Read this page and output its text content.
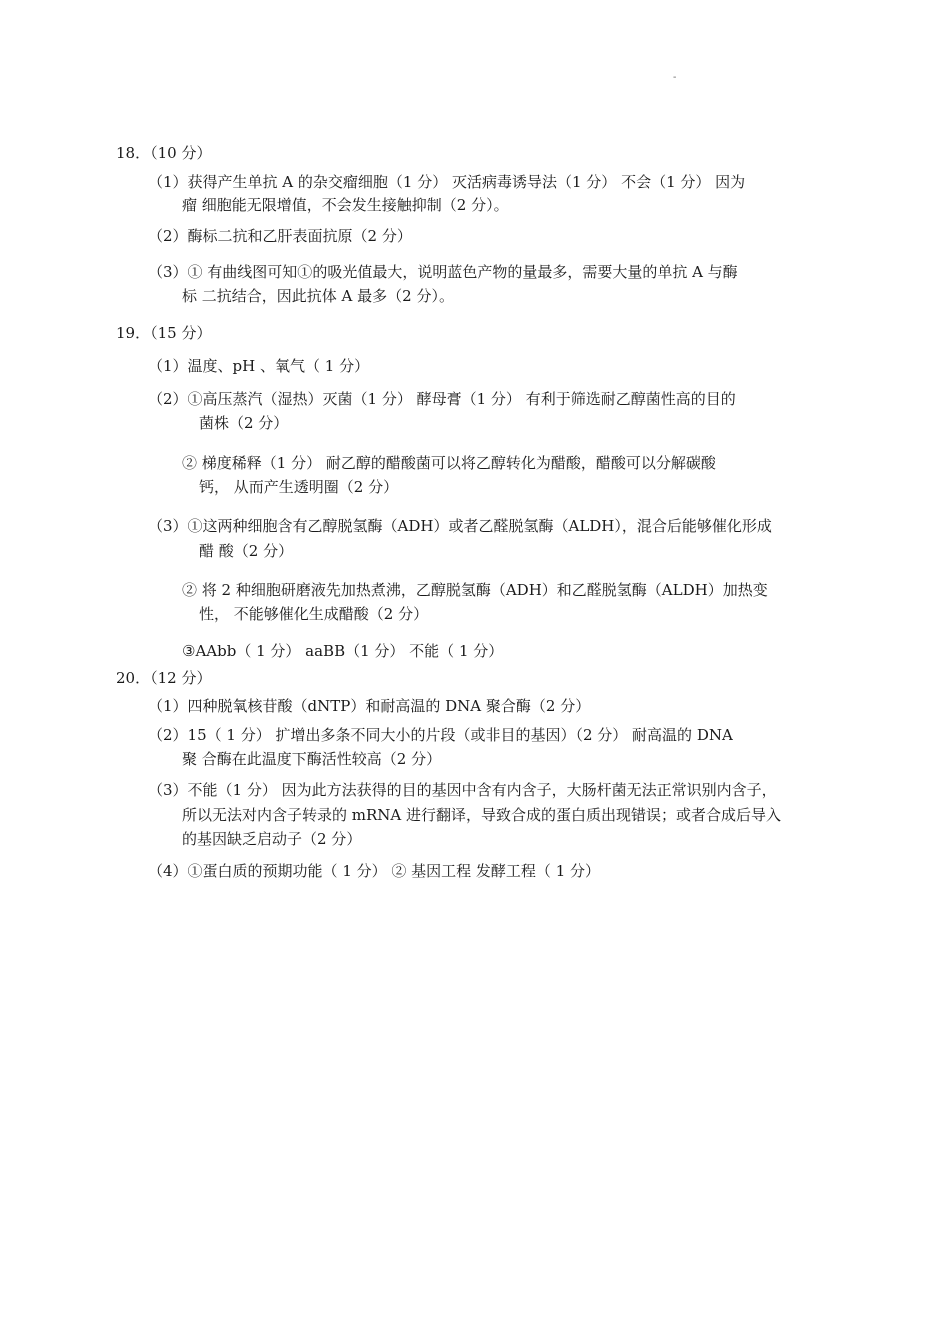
-
18．（10 分）
（1）获得产生单抗 A 的杂交瘤细胞（1 分） 灭活病毒诱导法（1 分） 不会（1 分） 因为
瘤 细胞能无限增值，不会发生接触抑制（2 分）。
（2）酶标二抗和乙肝表面抗原（2 分）
（3）① 有曲线图可知①的吸光值最大，说明蓝色产物的量最多，需要大量的单抗 A 与酶
标 二抗结合，因此抗体 A 最多（2 分）。
19．（15 分）
（1）温度、pH 、氧气（ 1 分）
（2）①高压蒸汽（湿热）灭菌（1 分） 酵母膏（1 分） 有利于筛选耐乙醇菌性高的目的
菌株（2 分）
② 梯度稀释（1 分） 耐乙醇的醋酸菌可以将乙醇转化为醋酸，醋酸可以分解碳酸
钙， 从而产生透明圈（2 分）
（3）①这两种细胞含有乙醇脱氢酶（ADH）或者乙醛脱氢酶（ALDH），混合后能够催化形成
醋 酸（2 分）
② 将 2 种细胞研磨液先加热煮沸，乙醇脱氢酶（ADH）和乙醛脱氢酶（ALDH）加热变
性， 不能够催化生成醋酸（2 分）
③AAbb（ 1 分） aaBB（1 分） 不能（ 1 分）
20．（12 分）
（1）四种脱氧核苷酸（dNTP）和耐高温的 DNA 聚合酶（2 分）
（2）15（ 1 分） 扩增出多条不同大小的片段（或非目的基因）（2 分） 耐高温的 DNA
聚 合酶在此温度下酶活性较高（2 分）
（3）不能（1 分） 因为此方法获得的目的基因中含有内含子，大肠杆菌无法正常识别内含子，
所以无法对内含子转录的 mRNA 进行翻译，导致合成的蛋白质出现错误；或者合成后导入
的基因缺乏启动子（2 分）
（4）①蛋白质的预期功能（ 1 分） ② 基因工程 发酵工程（ 1 分）
